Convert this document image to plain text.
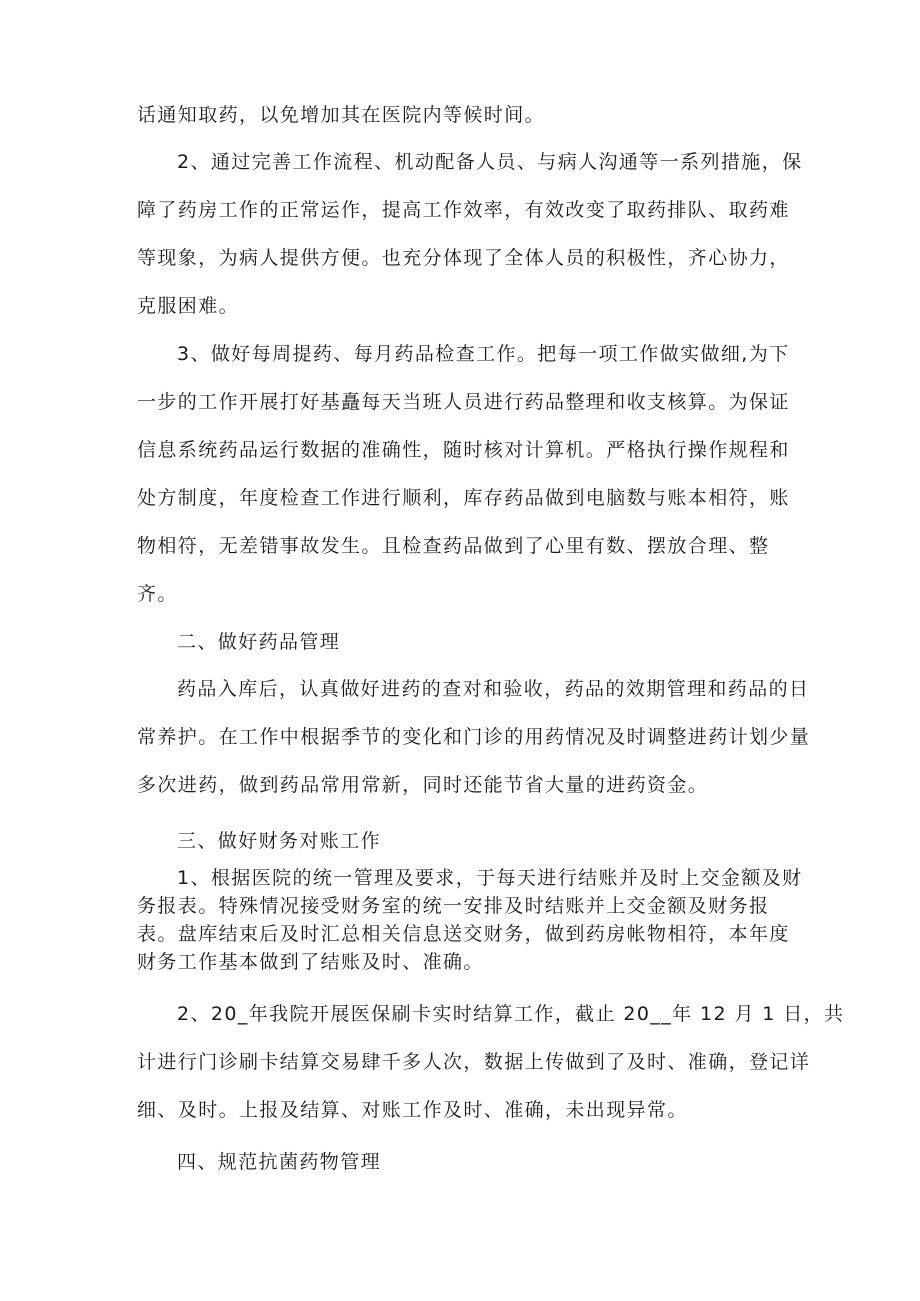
话通知取药，以免增加其在医院内等候时间。
2、通过完善工作流程、机动配备人员、与病人沟通等一系列措施，保
障了药房工作的正常运作，提高工作效率，有效改变了取药排队、取药难
等现象，为病人提供方便。也充分体现了全体人员的积极性，齐心协力，
克服困难。
3、做好每周提药、每月药品检查工作。把每一项工作做实做细,为下
一步的工作开展打好基矗每天当班人员进行药品整理和收支核算。为保证
信息系统药品运行数据的准确性，随时核对计算机。严格执行操作规程和
处方制度，年度检查工作进行顺利，库存药品做到电脑数与账本相符，账
物相符，无差错事故发生。且检查药品做到了心里有数、摆放合理、整
齐。
二、做好药品管理
药品入库后，认真做好进药的查对和验收，药品的效期管理和药品的日
常养护。在工作中根据季节的变化和门诊的用药情况及时调整进药计划少量
多次进药，做到药品常用常新，同时还能节省大量的进药资金。
三、做好财务对账工作
1、根据医院的统一管理及要求，于每天进行结账并及时上交金额及财
务报表。特殊情况接受财务室的统一安排及时结账并上交金额及财务报
表。盘库结束后及时汇总相关信息送交财务，做到药房帐物相符，本年度
财务工作基本做到了结账及时、准确。
2、20_年我院开展医保刷卡实时结算工作，截止 20__年 12 月 1 日，共
计进行门诊刷卡结算交易肆千多人次，数据上传做到了及时、准确，登记详
细、及时。上报及结算、对账工作及时、准确，未出现异常。
四、规范抗菌药物管理
